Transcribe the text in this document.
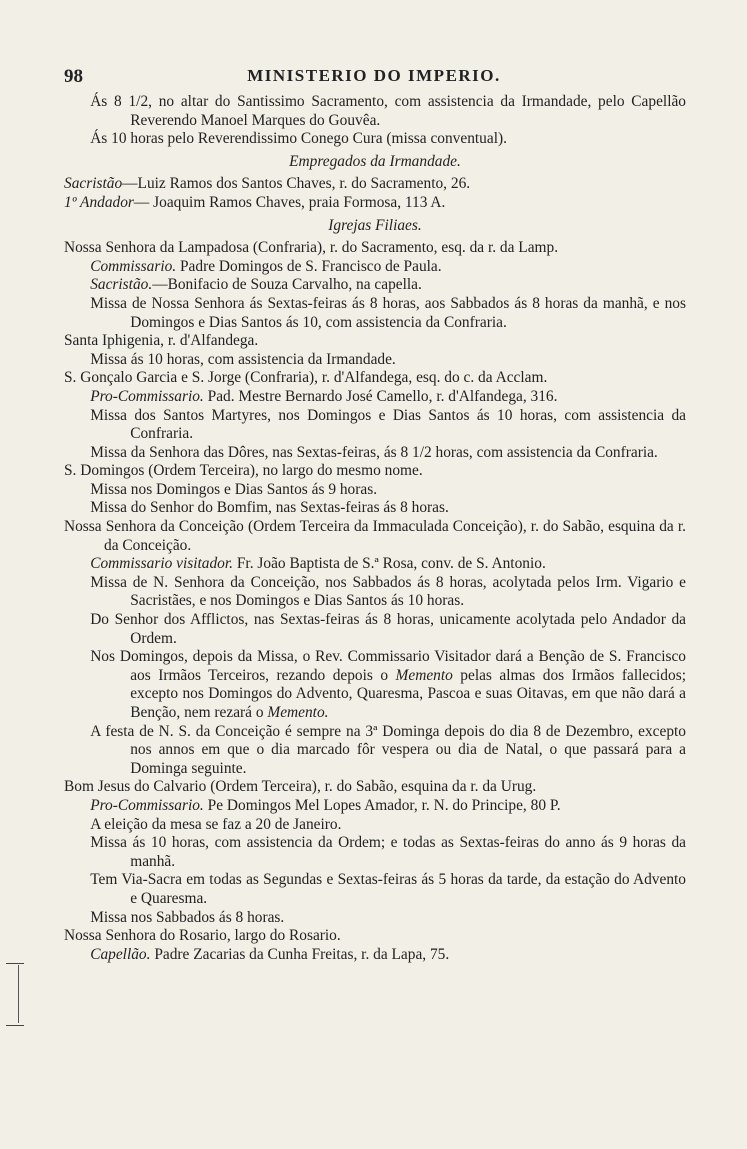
98	MINISTERIO DO IMPERIO.

Ás 8 1/2, no altar do Santissimo Sacramento, com assistencia da Irmandade, pelo Capellão Reverendo Manoel Marques do Gouvêa.

Ás 10 horas pelo Reverendissimo Conego Cura (missa conventual).

Empregados da Irmandade.

Sacristão—Luiz Ramos dos Santos Chaves, r. do Sacramento, 26.

1º Andador— Joaquim Ramos Chaves, praia Formosa, 113 A.

Igrejas Filiaes.

Nossa Senhora da Lampadosa (Confraria), r. do Sacramento, esq. da r. da Lamp.

Commissario. Padre Domingos de S. Francisco de Paula.

Sacristão.—Bonifacio de Souza Carvalho, na capella.

Missa de Nossa Senhora ás Sextas-feiras ás 8 horas, aos Sabbados ás 8 horas da manhã, e nos Domingos e Dias Santos ás 10, com assistencia da Confraria.

Santa Iphigenia, r. d'Alfandega.

Missa ás 10 horas, com assistencia da Irmandade.

S. Gonçalo Garcia e S. Jorge (Confraria), r. d'Alfandega, esq. do c. da Acclam.

Pro-Commissario. Pad. Mestre Bernardo José Camello, r. d'Alfandega, 316.

Missa dos Santos Martyres, nos Domingos e Dias Santos ás 10 horas, com assistencia da Confraria.

Missa da Senhora das Dôres, nas Sextas-feiras, ás 8 1/2 horas, com assistencia da Confraria.

S. Domingos (Ordem Terceira), no largo do mesmo nome.

Missa nos Domingos e Dias Santos ás 9 horas.

Missa do Senhor do Bomfim, nas Sextas-feiras ás 8 horas.

Nossa Senhora da Conceição (Ordem Terceira da Immaculada Conceição), r. do Sabão, esquina da r. da Conceição.

Commissario visitador. Fr. João Baptista de S.ª Rosa, conv. de S. Antonio.

Missa de N. Senhora da Conceição, nos Sabbados ás 8 horas, acolytada pelos Irm. Vigario e Sacristães, e nos Domingos e Dias Santos ás 10 horas.

Do Senhor dos Afflictos, nas Sextas-feiras ás 8 horas, unicamente acolytada pelo Andador da Ordem.

Nos Domingos, depois da Missa, o Rev. Commissario Visitador dará a Benção de S. Francisco aos Irmãos Terceiros, rezando depois o Memento pelas almas dos Irmãos fallecidos; excepto nos Domingos do Advento, Quaresma, Pascoa e suas Oitavas, em que não dará a Benção, nem rezará o Memento.

A festa de N. S. da Conceição é sempre na 3ª Dominga depois do dia 8 de Dezembro, excepto nos annos em que o dia marcado fôr vespera ou dia de Natal, o que passará para a Dominga seguinte.

Bom Jesus do Calvario (Ordem Terceira), r. do Sabão, esquina da r. da Urug.

Pro-Commissario. Pe Domingos Mel Lopes Amador, r. N. do Principe, 80 P.

A eleição da mesa se faz a 20 de Janeiro.

Missa ás 10 horas, com assistencia da Ordem; e todas as Sextas-feiras do anno ás 9 horas da manhã.

Tem Via-Sacra em todas as Segundas e Sextas-feiras ás 5 horas da tarde, da estação do Advento e Quaresma.

Missa nos Sabbados ás 8 horas.

Nossa Senhora do Rosario, largo do Rosario.

Capellão. Padre Zacarias da Cunha Freitas, r. da Lapa, 75.
